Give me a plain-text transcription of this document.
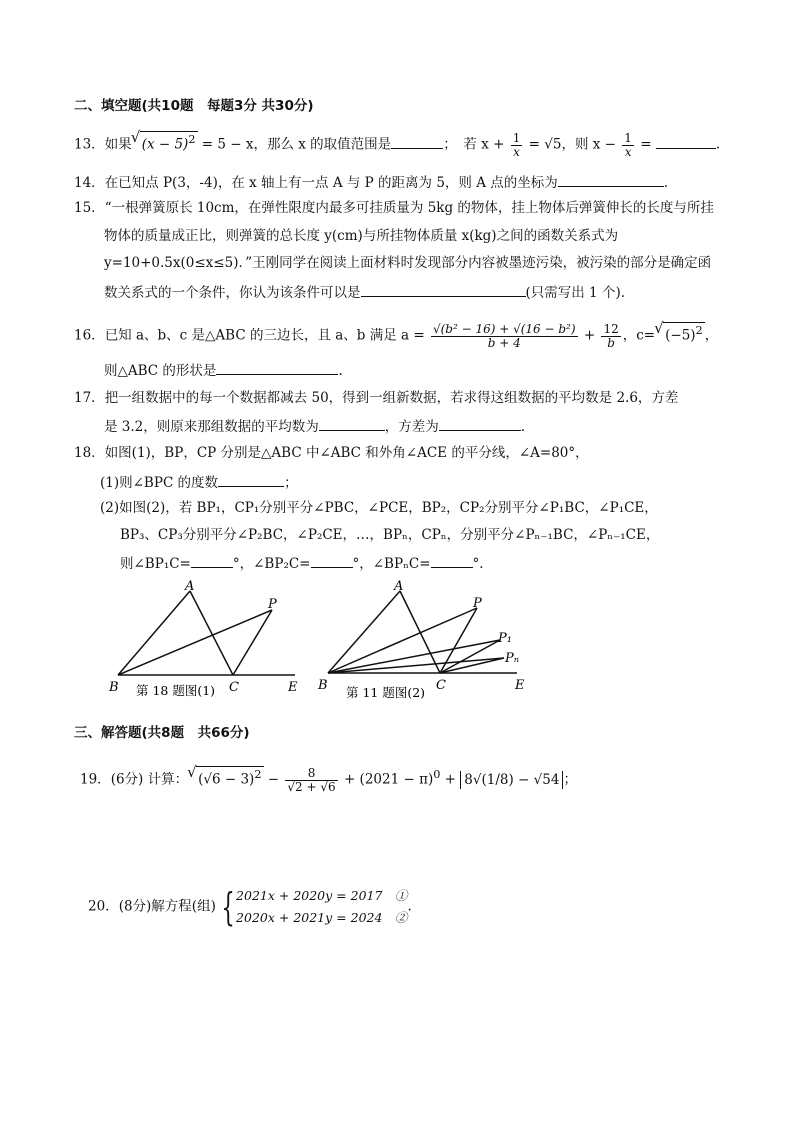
二、填空题(共10题　每题3分 共30分)
13．如果 √ $(x - 5)^2 = 5 - x$，那么 x 的取值范围是	；　若 $x + \frac{1}{x} = √5$，则 $x - \frac{1}{x}$ =	.
14．在已知点 P(3，-4)，在 x 轴上有一点 A 与 P 的距离为 5，则 A 点的坐标为	.
15．“一根弹簧原长 10cm，在弹性限度内最多可挂质量为 5kg 的物体，挂上物体后弹簧伸长的长度与所挂
物体的质量成正比，则弹簧的总长度 y(cm)与所挂物体质量 x(kg)之间的函数关系式为
y=10+0.5x(0≤x≤5)．”王刚同学在阅读上面材料时发现部分内容被墨迹污染，被污染的部分是确定函
数关系式的一个条件，你认为该条件可以是	(只需写出 1 个).
16．已知 a、b、c 是△ABC 的三边长，且 a、b 满足 $a = \frac{\text{√(b² − 16) + √(16 − b²)}}{b + 4} + \frac{12}{b}$ ，c= √ $(-5)^2$ ，
则△ABC 的形状是	.
17．把一组数据中的每一个数据都减去 50，得到一组新数据，若求得这组数据的平均数是 2.6，方差
是 3.2，则原来那组数据的平均数为	，方差为	.
18．如图(1)，BP，CP 分别是△ABC 中∠ABC 和外角∠ACE 的平分线，∠A=80°，
(1)则∠BPC 的度数	；
(2)如图(2)，若 BP₁，CP₁分别平分∠PBC，∠PCE，BP₂，CP₂分别平分∠P₁BC，∠P₁CE，
BP₃、CP₃分别平分∠P₂BC，∠P₂CE，…，BPₙ，CPₙ，分别平分∠Pₙ₋₁BC，∠Pₙ₋₁CE，
则∠BP₁C=	°，∠BP₂C=	°，∠BPₙC=	°.
A
B	C	E
P
第 18 题图(1)
A
B	C	E
P
P₁
Pₙ
第 11 题图(2)
三、解答题(共8题　共66分)
19．(6分) 计算： √ $(√6 - 3)^2 - \frac{8}{√2 + √6} + (2021 - \pi)^0 + 8√(1/8) - √54$ ；
20．(8分)解方程(组) { 2021x + 2020y = 2017　①
2020x + 2021y = 2024　②
.
